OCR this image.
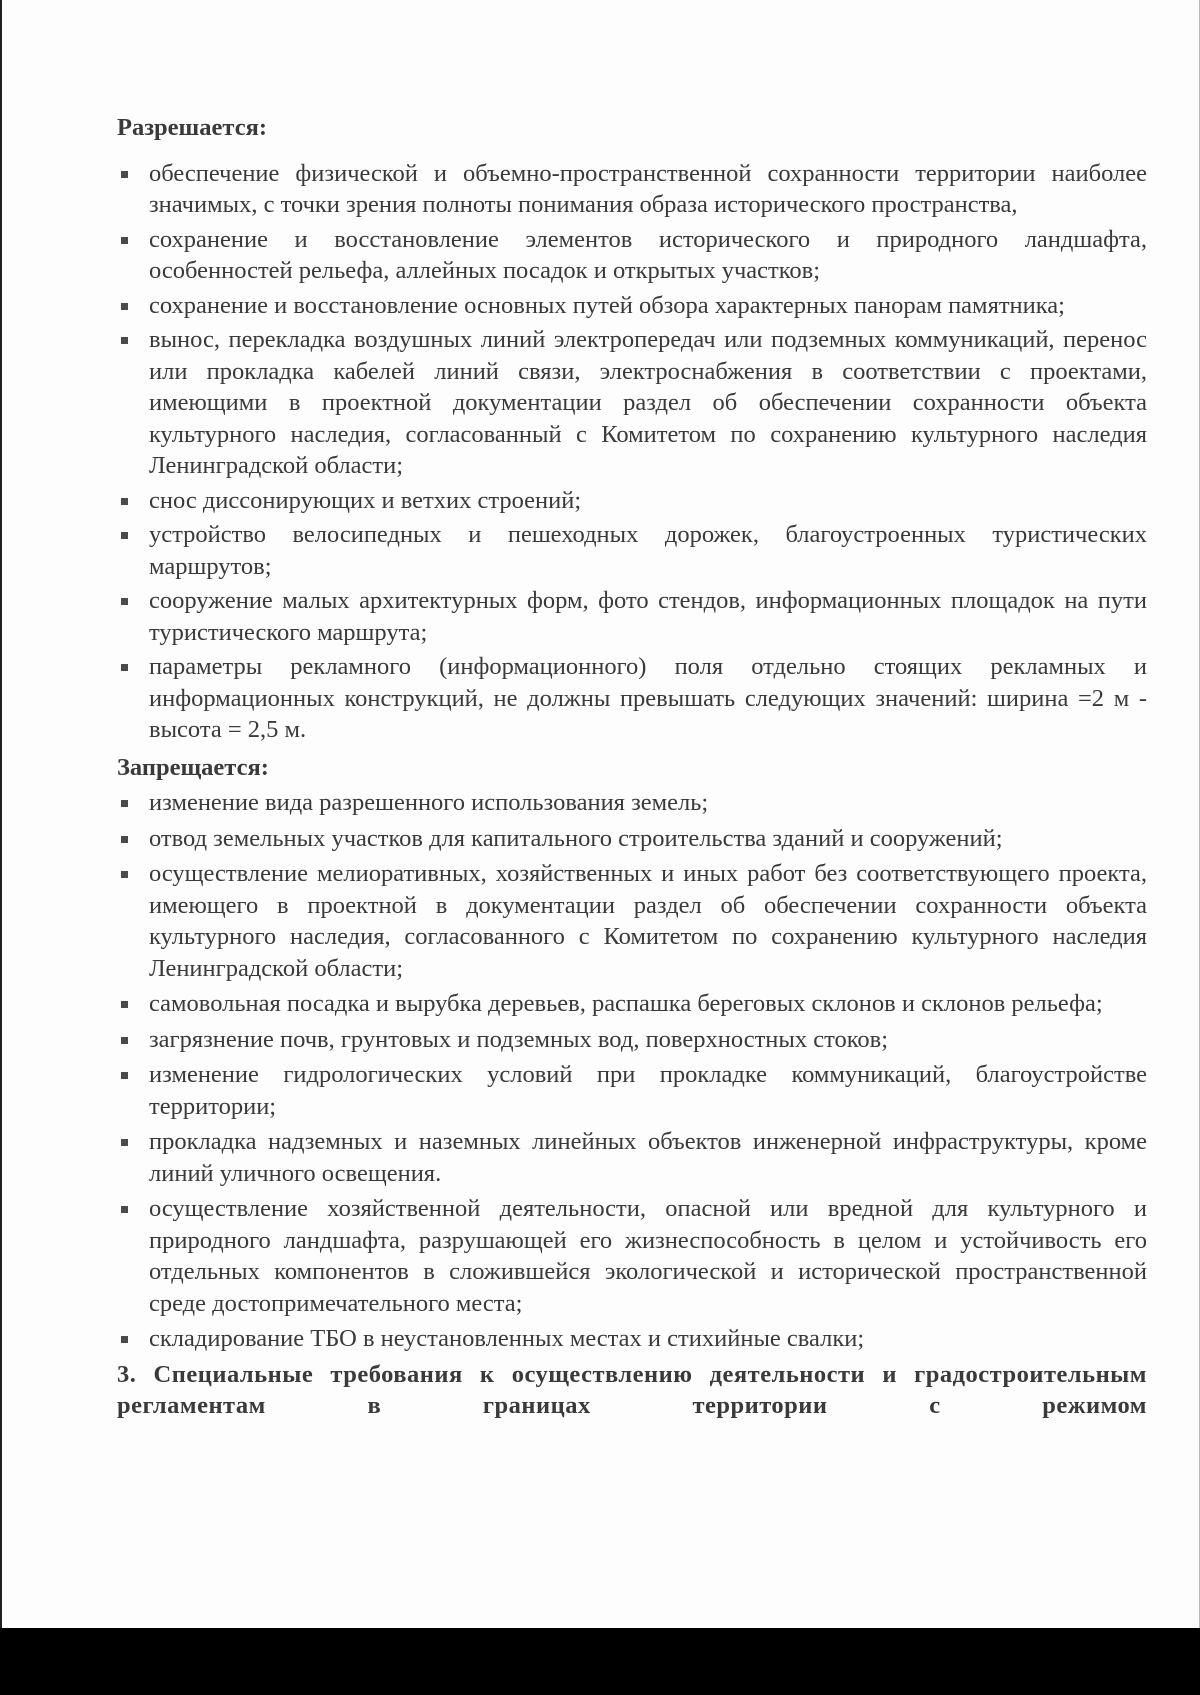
Разрешается:
обеспечение физической и объемно-пространственной сохранности территории наиболее значимых, с точки зрения полноты понимания образа исторического пространства,
сохранение и восстановление элементов исторического и природного ландшафта, особенностей рельефа, аллейных посадок и открытых участков;
сохранение и восстановление основных путей обзора характерных панорам памятника;
вынос, перекладка воздушных линий электропередач или подземных коммуникаций, перенос или прокладка кабелей линий связи, электроснабжения в соответствии с проектами, имеющими в проектной документации раздел об обеспечении сохранности объекта культурного наследия, согласованный с Комитетом по сохранению культурного наследия Ленинградской области;
снос диссонирующих и ветхих строений;
устройство велосипедных и пешеходных дорожек, благоустроенных туристических маршрутов;
сооружение малых архитектурных форм, фото стендов, информационных площадок на пути туристического маршрута;
параметры рекламного (информационного) поля отдельно стоящих рекламных и информационных конструкций, не должны превышать следующих значений: ширина =2 м - высота = 2,5 м.
Запрещается:
изменение вида разрешенного использования земель;
отвод земельных участков для капитального строительства зданий и сооружений;
осуществление мелиоративных, хозяйственных и иных работ без соответствующего проекта, имеющего в проектной в документации раздел об обеспечении сохранности объекта культурного наследия, согласованного с Комитетом по сохранению культурного наследия Ленинградской области;
самовольная посадка и вырубка деревьев, распашка береговых склонов и склонов рельефа;
загрязнение почв, грунтовых и подземных вод, поверхностных стоков;
изменение гидрологических условий при прокладке коммуникаций, благоустройстве территории;
прокладка надземных и наземных линейных объектов инженерной инфраструктуры, кроме линий уличного освещения.
осуществление хозяйственной деятельности, опасной или вредной для культурного и природного ландшафта, разрушающей его жизнеспособность в целом и устойчивость его отдельных компонентов в сложившейся экологической и исторической пространственной среде достопримечательного места;
складирование ТБО в неустановленных местах и стихийные свалки;
3. Специальные требования к осуществлению деятельности и градостроительным регламентам в границах территории с режимом
